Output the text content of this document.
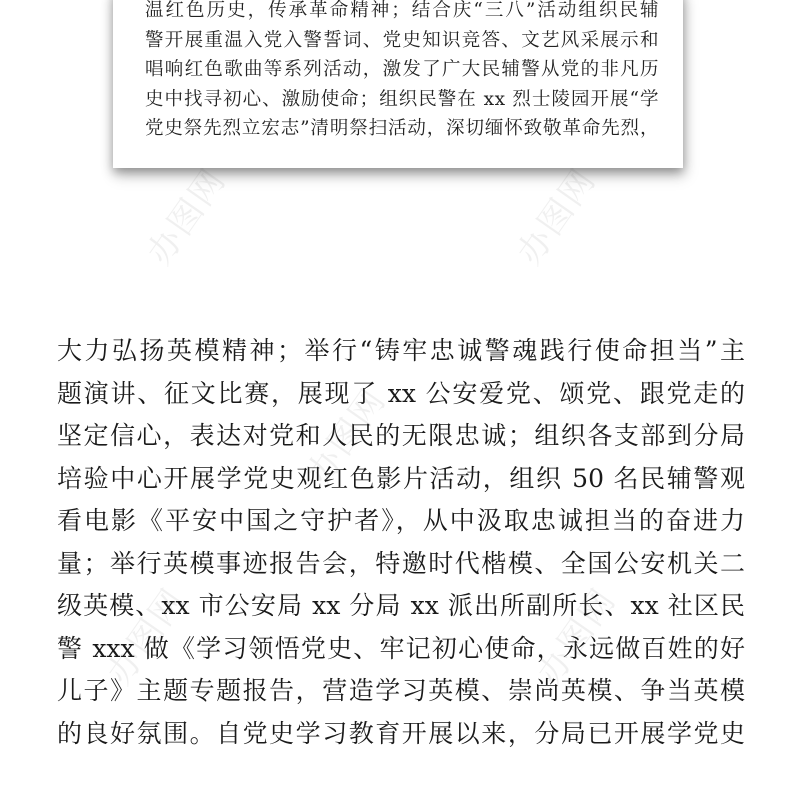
办图网	办图网
办图网
办图网	办图网
温红色历史，传承革命精神；结合庆“三八”活动组织民辅
警开展重温入党入警誓词、党史知识竞答、文艺风采展示和
唱响红色歌曲等系列活动，激发了广大民辅警从党的非凡历
史中找寻初心、激励使命；组织民警在 xx 烈士陵园开展“学
党史祭先烈立宏志”清明祭扫活动，深切缅怀致敬革命先烈，
大力弘扬英模精神；举行“铸牢忠诚警魂践行使命担当”主
题演讲、征文比赛，展现了 xx 公安爱党、颂党、跟党走的
坚定信心，表达对党和人民的无限忠诚；组织各支部到分局
培验中心开展学党史观红色影片活动，组织 50 名民辅警观
看电影《平安中国之守护者》，从中汲取忠诚担当的奋进力
量；举行英模事迹报告会，特邀时代楷模、全国公安机关二
级英模、xx 市公安局 xx 分局 xx 派出所副所长、xx 社区民
警 xxx 做《学习领悟党史、牢记初心使命，永远做百姓的好
儿子》主题专题报告，营造学习英模、崇尚英模、争当英模
的良好氛围。自党史学习教育开展以来，分局已开展学党史
